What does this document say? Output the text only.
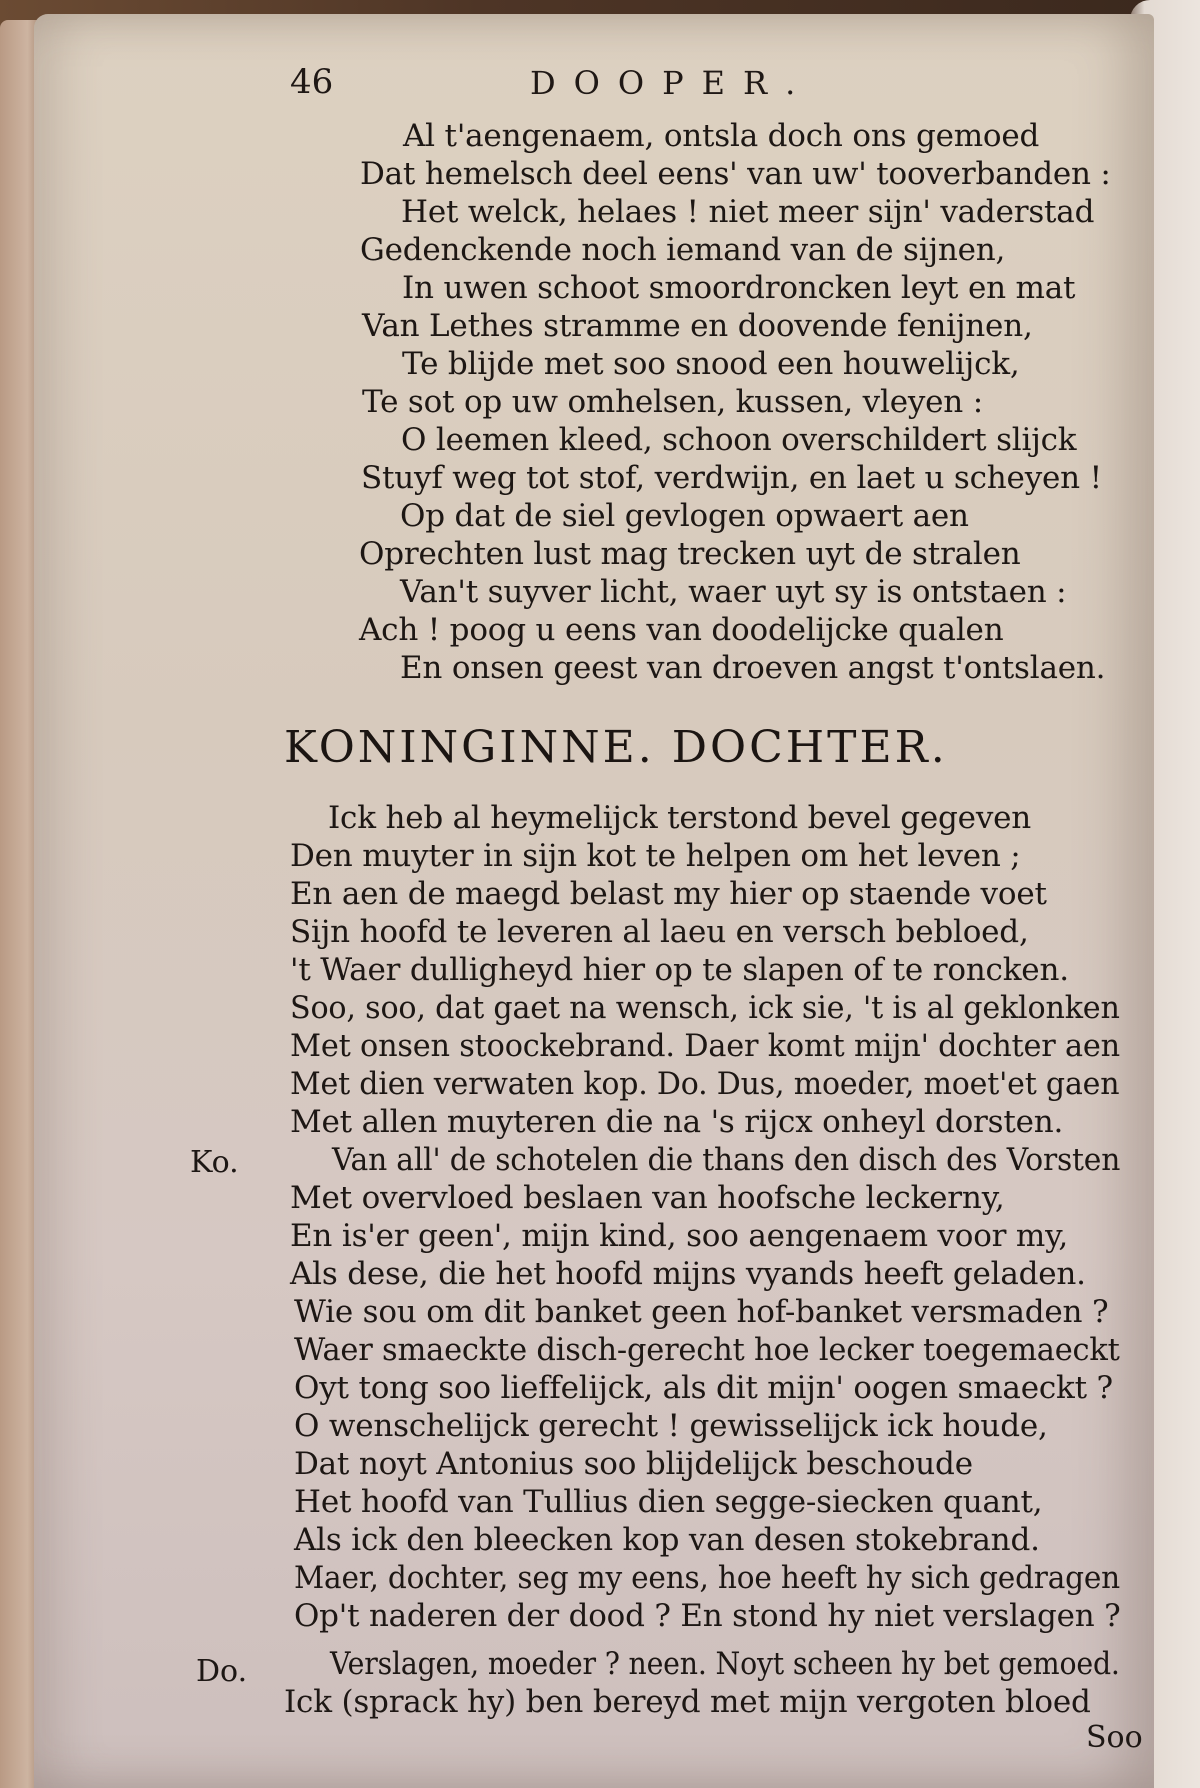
46	DOOPER.
Al t'aengenaem, ontsla doch ons gemoed
Dat hemelsch deel eens' van uw' tooverbanden :
Het welck, helaes ! niet meer sijn' vaderstad
Gedenckende noch iemand van de sijnen,
In uwen schoot smoordroncken leyt en mat
Van Lethes stramme en doovende fenijnen,
Te blijde met soo snood een houwelijck,
Te sot op uw omhelsen, kussen, vleyen :
O leemen kleed, schoon overschildert slijck
Stuyf weg tot stof, verdwijn, en laet u scheyen !
Op dat de siel gevlogen opwaert aen
Oprechten lust mag trecken uyt de stralen
Van't suyver licht, waer uyt sy is ontstaen :
Ach ! poog u eens van doodelijcke qualen
En onsen geest van droeven angst t'ontslaen.
KONINGINNE. DOCHTER.
Ick heb al heymelijck terstond bevel gegeven
Den muyter in sijn kot te helpen om het leven ;
En aen de maegd belast my hier op staende voet
Sijn hoofd te leveren al laeu en versch bebloed,
't Waer dulligheyd hier op te slapen of te roncken.
Soo, soo, dat gaet na wensch, ick sie, 't is al geklonken
Met onsen stoockebrand. Daer komt mijn' dochter aen
Met dien verwaten kop. Do. Dus, moeder, moet'et gaen
Met allen muyteren die na 's rijcx onheyl dorsten.
Ko.	Van all' de schotelen die thans den disch des Vorsten
Met overvloed beslaen van hoofsche leckerny,
En is'er geen', mijn kind, soo aengenaem voor my,
Als dese, die het hoofd mijns vyands heeft geladen.
Wie sou om dit banket geen hof-banket versmaden ?
Waer smaeckte disch-gerecht hoe lecker toegemaeckt
Oyt tong soo lieffelijck, als dit mijn' oogen smaeckt ?
O wenschelijck gerecht ! gewisselijck ick houde,
Dat noyt Antonius soo blijdelijck beschoude
Het hoofd van Tullius dien segge-siecken quant,
Als ick den bleecken kop van desen stokebrand.
Maer, dochter, seg my eens, hoe heeft hy sich gedragen
Op't naderen der dood ? En stond hy niet verslagen ?
Do.	Verslagen, moeder ? neen. Noyt scheen hy bet gemoed.
Ick (sprack hy) ben bereyd met mijn vergoten bloed
Soo
